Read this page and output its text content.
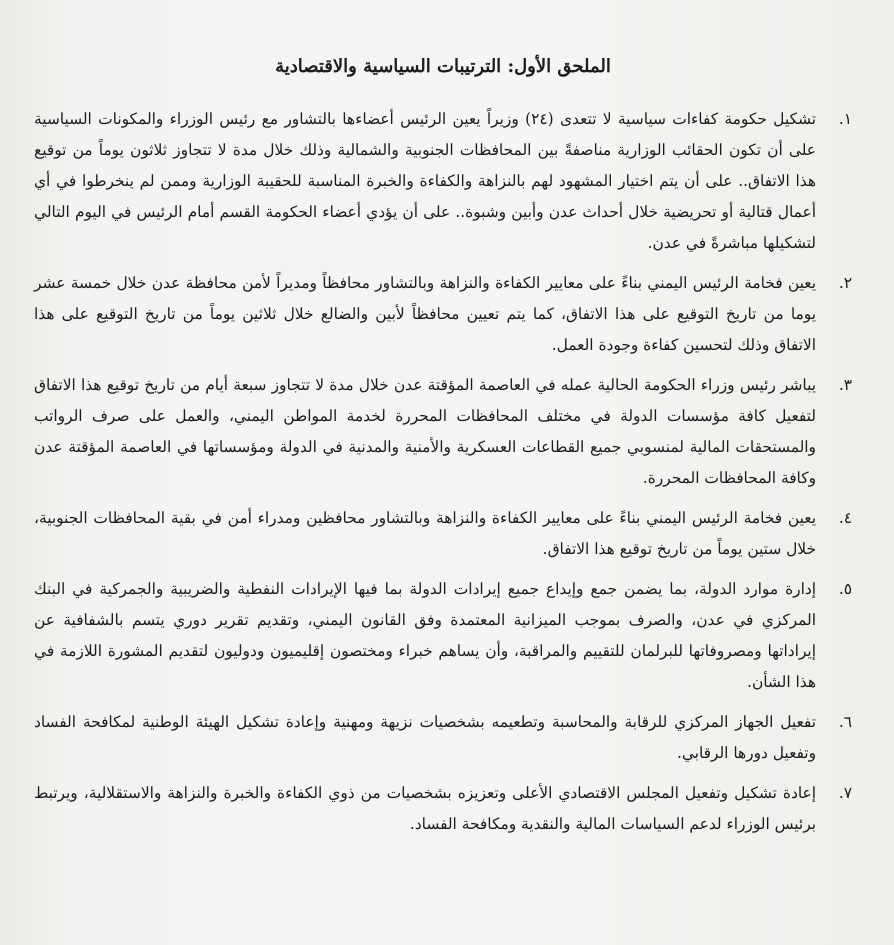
الملحق الأول: الترتيبات السياسية والاقتصادية
١.
تشكيل حكومة كفاءات سياسية لا تتعدى (٢٤) وزيراً يعين الرئيس أعضاءها بالتشاور مع رئيس الوزراء والمكونات السياسية على أن تكون الحقائب الوزارية مناصفةً بين المحافظات الجنوبية والشمالية وذلك خلال مدة لا تتجاوز ثلاثون يوماً من توقيع هذا الاتفاق.. على أن يتم اختيار المشهود لهم بالنزاهة والكفاءة والخبرة المناسبة للحقيبة الوزارية وممن لم ينخرطوا في أي أعمال قتالية أو تحريضية خلال أحداث عدن وأبين وشبوة.. على أن يؤدي أعضاء الحكومة القسم أمام الرئيس في اليوم التالي لتشكيلها مباشرةً في عدن.
٢.
يعين فخامة الرئيس اليمني بناءً على معايير الكفاءة والنزاهة وبالتشاور محافظاً ومديراً لأمن محافظة عدن خلال خمسة عشر يوما من تاريخ التوقيع على هذا الاتفاق، كما يتم تعيين محافظاً لأبين والضالع خلال ثلاثين يوماً من تاريخ التوقيع على هذا الاتفاق وذلك لتحسين كفاءة وجودة العمل.
٣.
يباشر رئيس وزراء الحكومة الحالية عمله في العاصمة المؤقتة عدن خلال مدة لا تتجاوز سبعة أيام من تاريخ توقيع هذا الاتفاق لتفعيل كافة مؤسسات الدولة في مختلف المحافظات المحررة لخدمة المواطن اليمني، والعمل على صرف الرواتب والمستحقات المالية لمنسوبي جميع القطاعات العسكرية والأمنية والمدنية في الدولة ومؤسساتها في العاصمة المؤقتة عدن وكافة المحافظات المحررة.
٤.
يعين فخامة الرئيس اليمني بناءً على معايير الكفاءة والنزاهة وبالتشاور محافظين ومدراء أمن في بقية المحافظات الجنوبية، خلال ستين يوماً من تاريخ توقيع هذا الاتفاق.
٥.
إدارة موارد الدولة، بما يضمن جمع وإيداع جميع إيرادات الدولة بما فيها الإيرادات النفطية والضريبية والجمركية في البنك المركزي في عدن، والصرف بموجب الميزانية المعتمدة وفق القانون اليمني، وتقديم تقرير دوري يتسم بالشفافية عن إيراداتها ومصروفاتها للبرلمان للتقييم والمراقبة، وأن يساهم خبراء ومختصون إقليميون ودوليون لتقديم المشورة اللازمة في هذا الشأن.
٦.
تفعيل الجهاز المركزي للرقابة والمحاسبة وتطعيمه بشخصيات نزيهة ومهنية وإعادة تشكيل الهيئة الوطنية لمكافحة الفساد وتفعيل دورها الرقابي.
٧.
إعادة تشكيل وتفعيل المجلس الاقتصادي الأعلى وتعزيزه بشخصيات من ذوي الكفاءة والخبرة والنزاهة والاستقلالية، ويرتبط برئيس الوزراء لدعم السياسات المالية والنقدية ومكافحة الفساد.
